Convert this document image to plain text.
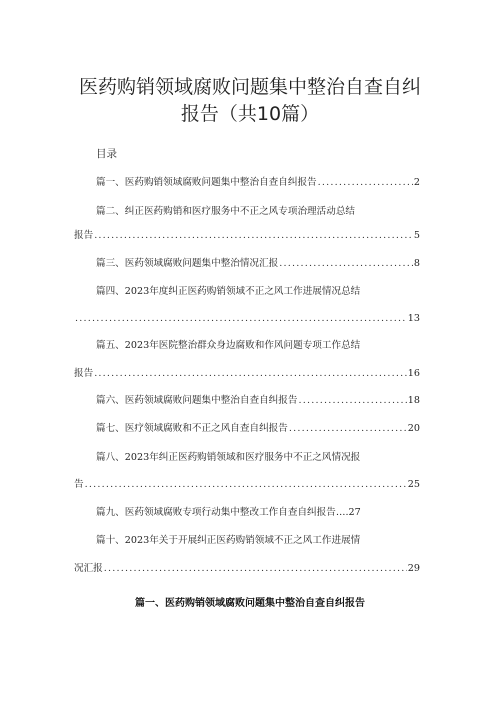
医药购销领域腐败问题集中整治自查自纠
报告（共10篇）
目录
篇一、医药购销领域腐败问题集中整治自查自纠报告 .....	2
篇二、纠正医药购销和医疗服务中不正之风专项治理活动总结
报告 .....	5
篇三、医药领域腐败问题集中整治情况汇报 .....	8
篇四、2023年度纠正医药购销领域不正之风工作进展情况总结
.....
13
篇五、2023年医院整治群众身边腐败和作风问题专项工作总结
报告 .....	16
篇六、医药领域腐败问题集中整治自查自纠报告 .....	18
篇七、医疗领域腐败和不正之风自查自纠报告 .....	20
篇八、2023年纠正医药购销领域和医疗服务中不正之风情况报
告 .....	25
篇九、医药领域腐败专项行动集中整改工作自查自纠报告… .27
篇十、2023年关于开展纠正医药购销领域不正之风工作进展情
况汇报 .....	29
篇一、医药购销领域腐败问题集中整治自查自纠报告
